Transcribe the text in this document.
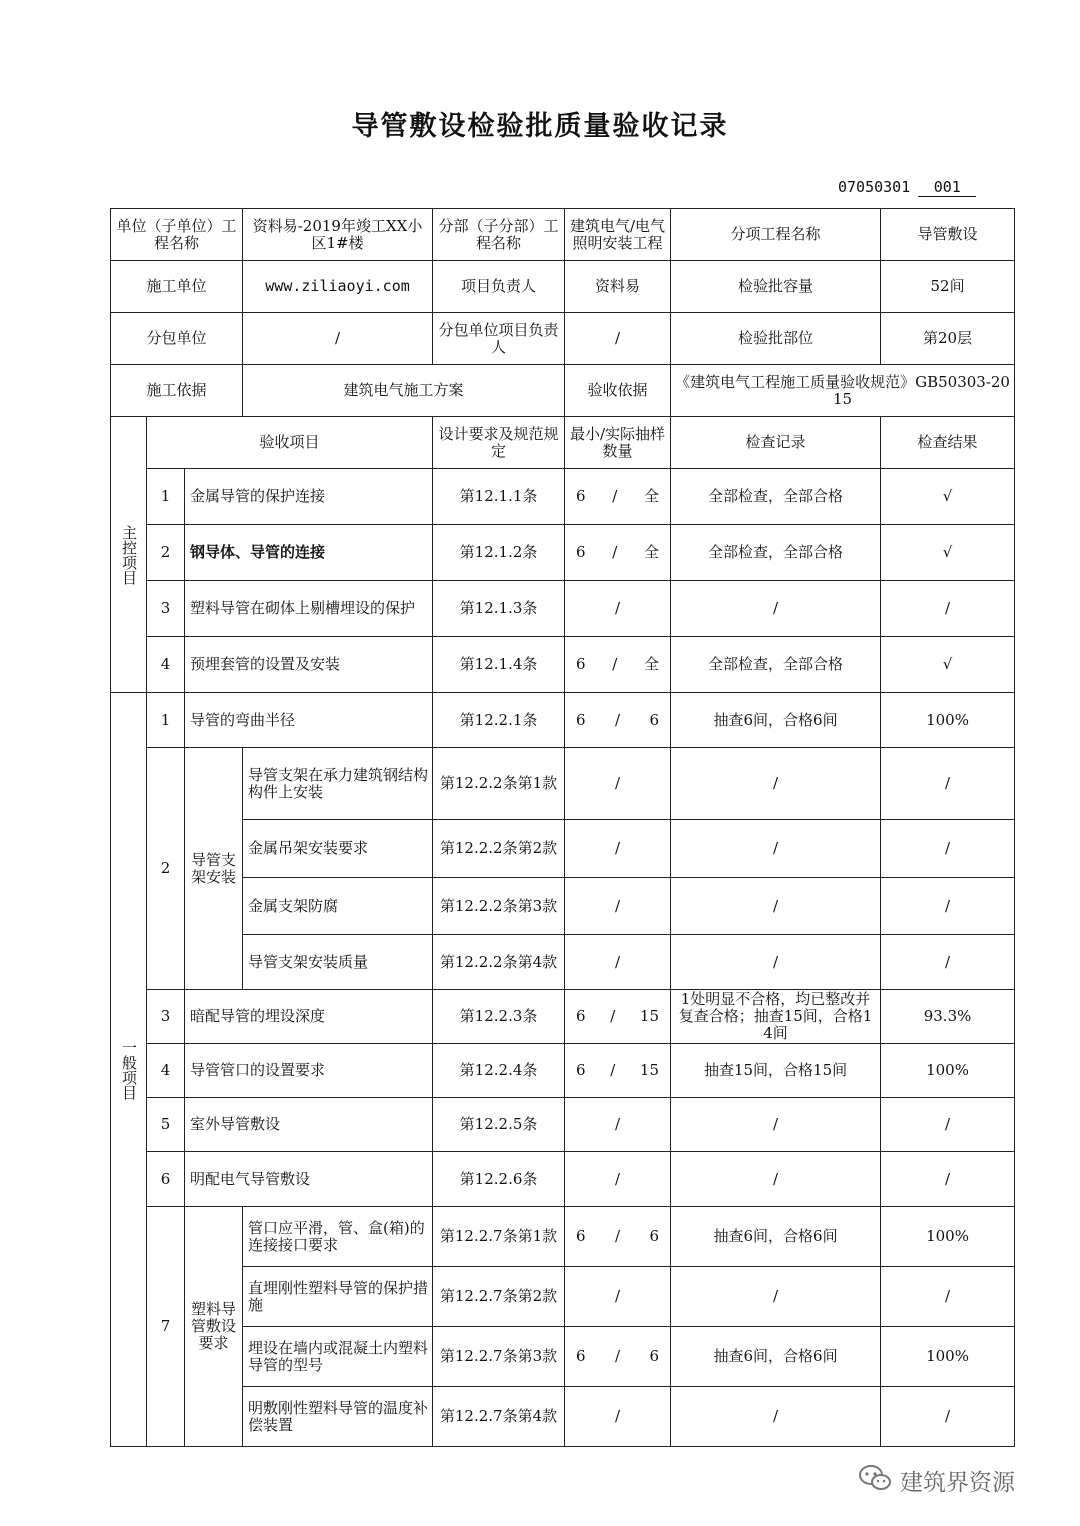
导管敷设检验批质量验收记录
07050301 001
单位（子单位）工程名称			资料易-2019年竣工XX小区1#楼	分部（子分部）工程名称	建筑电气/电气照明安装工程	分项工程名称	导管敷设
施工单位			www.ziliaoyi.com	项目负责人	资料易	检验批容量	52间
分包单位			/	分包单位项目负责人	/	检验批部位	第20层
施工依据			建筑电气施工方案		验收依据	《建筑电气工程施工质量验收规范》GB50303-2015	

主控项目	验收项目			设计要求及规范规定	最小/实际抽样数量	检查记录	检查结果
	1	金属导管的保护连接		第12.1.1条	6 / 全	全部检查，全部合格	√
	2	钢导体、导管的连接		第12.1.2条	6 / 全	全部检查，全部合格	√
	3	塑料导管在砌体上剔槽埋设的保护		第12.1.3条	/	/	/
	4	预埋套管的设置及安装		第12.1.4条	6 / 全	全部检查，全部合格	√

一般项目	1	导管的弯曲半径		第12.2.1条	6 / 6	抽查6间，合格6间	100%
	2	导管支架安装	导管支架在承力建筑钢结构构件上安装	第12.2.2条第1款	/	/	/
			金属吊架安装要求	第12.2.2条第2款	/	/	/
			金属支架防腐	第12.2.2条第3款	/	/	/
			导管支架安装质量	第12.2.2条第4款	/	/	/
	3	暗配导管的埋设深度		第12.2.3条	6 / 15	1处明显不合格，均已整改并复查合格；抽查15间，合格14间	93.3%
	4	导管管口的设置要求		第12.2.4条	6 / 15	抽查15间，合格15间	100%
	5	室外导管敷设		第12.2.5条	/	/	/
	6	明配电气导管敷设		第12.2.6条	/	/	/
	7	塑料导管敷设要求	管口应平滑，管、盒(箱)的连接接口要求	第12.2.7条第1款	6 / 6	抽查6间，合格6间	100%
			直埋刚性塑料导管的保护措施	第12.2.7条第2款	/	/	/
			埋设在墙内或混凝土内塑料导管的型号	第12.2.7条第3款	6 / 6	抽查6间，合格6间	100%
			明敷刚性塑料导管的温度补偿装置	第12.2.7条第4款	/	/	/
建筑界资源
